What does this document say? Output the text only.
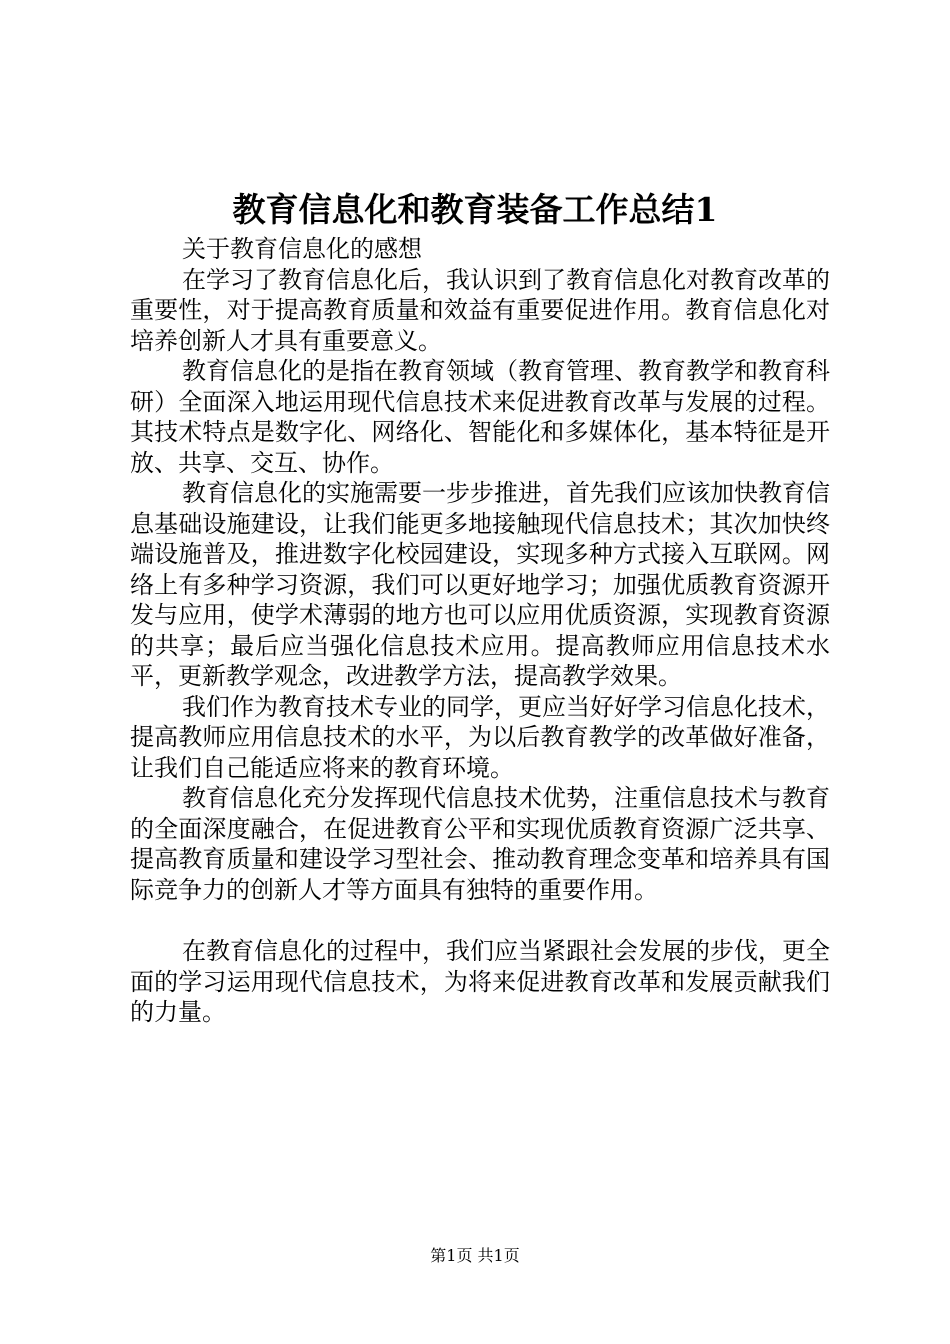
教育信息化和教育装备工作总结1

关于教育信息化的感想

在学习了教育信息化后，我认识到了教育信息化对教育改革的重要性，对于提高教育质量和效益有重要促进作用。教育信息化对培养创新人才具有重要意义。

教育信息化的是指在教育领域（教育管理、教育教学和教育科研）全面深入地运用现代信息技术来促进教育改革与发展的过程。其技术特点是数字化、网络化、智能化和多媒体化，基本特征是开放、共享、交互、协作。

教育信息化的实施需要一步步推进，首先我们应该加快教育信息基础设施建设，让我们能更多地接触现代信息技术；其次加快终端设施普及，推进数字化校园建设，实现多种方式接入互联网。网络上有多种学习资源，我们可以更好地学习；加强优质教育资源开发与应用，使学术薄弱的地方也可以应用优质资源，实现教育资源的共享；最后应当强化信息技术应用。提高教师应用信息技术水平，更新教学观念，改进教学方法，提高教学效果。

我们作为教育技术专业的同学，更应当好好学习信息化技术，提高教师应用信息技术的水平，为以后教育教学的改革做好准备，让我们自己能适应将来的教育环境。

教育信息化充分发挥现代信息技术优势，注重信息技术与教育的全面深度融合，在促进教育公平和实现优质教育资源广泛共享、提高教育质量和建设学习型社会、推动教育理念变革和培养具有国际竞争力的创新人才等方面具有独特的重要作用。

在教育信息化的过程中，我们应当紧跟社会发展的步伐，更全面的学习运用现代信息技术，为将来促进教育改革和发展贡献我们的力量。

第1页 共1页
